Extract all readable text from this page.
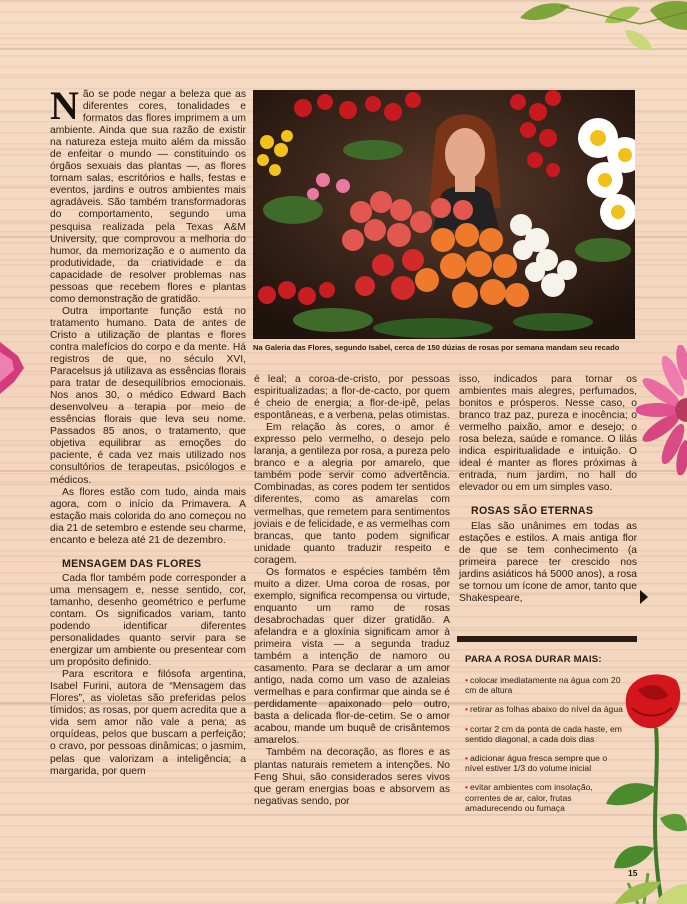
Não se pode negar a beleza que as diferentes cores, tonalidades e formatos das flores imprimem a um ambiente. Ainda que sua razão de existir na natureza esteja muito além da missão de enfeitar o mundo — constituindo os órgãos sexuais das plantas —, as flores tornam salas, escritórios e halls, festas e eventos, jardins e outros ambientes mais agradáveis. São também transformadoras do comportamento, segundo uma pesquisa realizada pela Texas A&M University, que comprovou a melhoria do humor, da memorização e o aumento da produtividade, da criatividade e da capacidade de resolver problemas nas pessoas que recebem flores e plantas como demonstração de gratidão.

Outra importante função está no tratamento humano. Data de antes de Cristo a utilização de plantas e flores contra malefícios do corpo e da mente. Há registros de que, no século XVI, Paracelsus já utilizava as essências florais para tratar de desequilíbrios emocionais. Nos anos 30, o médico Edward Bach desenvolveu a terapia por meio de essências florais que leva seu nome. Passados 85 anos, o tratamento, que objetiva equilibrar as emoções do paciente, é cada vez mais utilizado nos consultórios de terapeutas, psicólogos e médicos.

As flores estão com tudo, ainda mais agora, com o início da Primavera. A estação mais colorida do ano começou no dia 21 de setembro e estende seu charme, encanto e beleza até 21 de dezembro.

MENSAGEM DAS FLORES

Cada flor também pode corresponder a uma mensagem e, nesse sentido, cor, tamanho, desenho geométrico e perfume contam. Os significados variam, tanto podendo identificar diferentes personalidades quanto servir para se energizar um ambiente ou presentear com um propósito definido.

Para escritora e filósofa argentina, Isabel Furini, autora de “Mensagem das Flores”, as violetas são preferidas pelos tímidos; as rosas, por quem acredita que a vida sem amor não vale a pena; as orquídeas, pelos que buscam a perfeição; o cravo, por pessoas dinâmicas; o jasmim, pelas que valorizam a inteligência; a margarida, por quem

Na Galeria das Flores, segundo Isabel, cerca de 150 dúzias de rosas por semana mandam seu recado

é leal; a coroa-de-cristo, por pessoas espiritualizadas; a flor-de-cacto, por quem é cheio de energia; a flor-de-ipê, pelas espontâneas, e a verbena, pelas otimistas.

Em relação às cores, o amor é expresso pelo vermelho, o desejo pelo laranja, a gentileza por rosa, a pureza pelo branco e a alegria por amarelo, que também pode servir como advertência. Combinadas, as cores podem ter sentidos diferentes, como as amarelas com vermelhas, que remetem para sentimentos joviais e de felicidade, e as vermelhas com brancas, que tanto podem significar unidade quanto traduzir respeito e coragem.

Os formatos e espécies também têm muito a dizer. Uma coroa de rosas, por exemplo, significa recompensa ou virtude, enquanto um ramo de rosas desabrochadas quer dizer gratidão. A afelandra e a gloxínia significam amor à primeira vista — a segunda traduz também a intenção de namoro ou casamento. Para se declarar a um amor antigo, nada como um vaso de azaleias vermelhas e para confirmar que ainda se é perdidamente apaixonado pelo outro, basta a delicada flor-de-cetim. Se o amor acabou, mande um buquê de crisântemos amarelos.

Também na decoração, as flores e as plantas naturais remetem a intenções. No Feng Shui, são considerados seres vivos que geram energias boas e absorvem as negativas sendo, por

isso, indicados para tornar os ambientes mais alegres, perfumados, bonitos e prósperos. Nesse caso, o branco traz paz, pureza e inocência; o vermelho paixão, amor e desejo; o rosa beleza, saúde e romance. O lilás indica espiritualidade e intuição. O ideal é manter as flores próximas à entrada, num jardim, no hall do elevador ou em um simples vaso.

ROSAS SÃO ETERNAS

Elas são unânimes em todas as estações e estilos. A mais antiga flor de que se tem conhecimento (a primeira parece ter crescido nos jardins asiáticos há 5000 anos), a rosa se tornou um ícone de amor, tanto que Shakespeare,

PARA A ROSA DURAR MAIS:
• colocar imediatamente na água com 20 cm de altura
• retirar as folhas abaixo do nível da água
• cortar 2 cm da ponta de cada haste, em sentido diagonal, a cada dois dias
• adicionar água fresca sempre que o nível estiver 1/3 do volume inicial
• evitar ambientes com insolação, correntes de ar, calor, frutas amadurecendo ou fumaça
15
